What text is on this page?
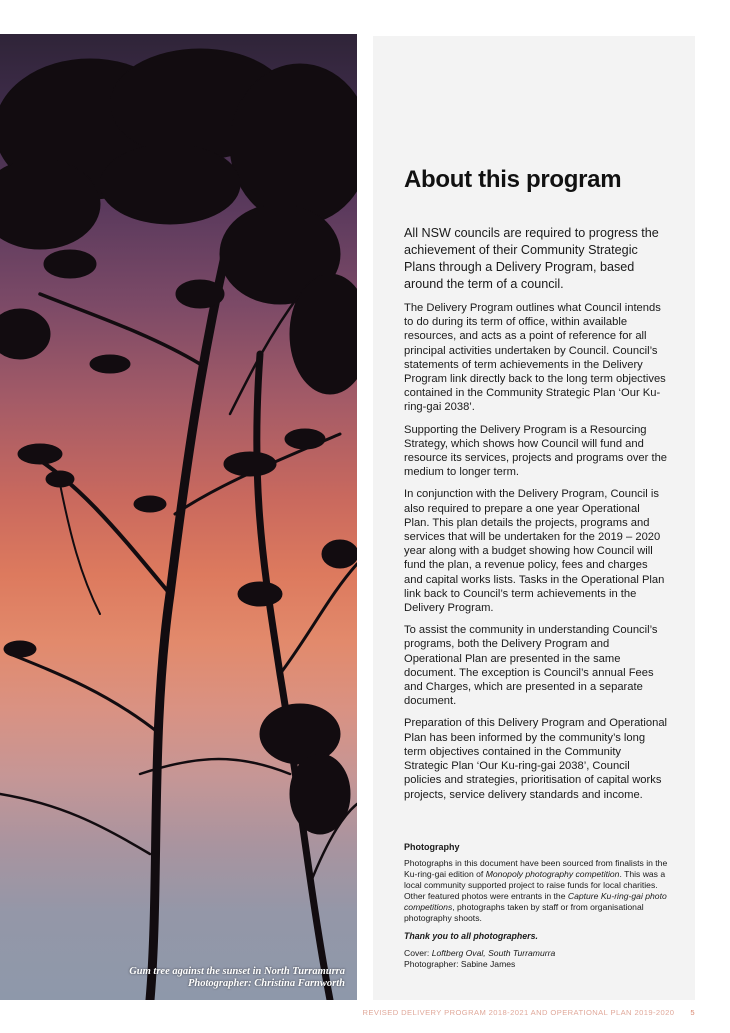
Gum tree against the sunset in North Turramurra
Photographer: Christina Farnworth
About this program

All NSW councils are required to progress the achievement of their Community Strategic Plans through a Delivery Program, based around the term of a council.

The Delivery Program outlines what Council intends to do during its term of office, within available resources, and acts as a point of reference for all principal activities undertaken by Council. Council’s statements of term achievements in the Delivery Program link directly back to the long term objectives contained in the Community Strategic Plan ‘Our Ku-ring-gai 2038’.

Supporting the Delivery Program is a Resourcing Strategy, which shows how Council will fund and resource its services, projects and programs over the medium to longer term.

In conjunction with the Delivery Program, Council is also required to prepare a one year Operational Plan. This plan details the projects, programs and services that will be undertaken for the 2019 – 2020 year along with a budget showing how Council will fund the plan, a revenue policy, fees and charges and capital works lists. Tasks in the Operational Plan link back to Council’s term achievements in the Delivery Program.

To assist the community in understanding Council’s programs, both the Delivery Program and Operational Plan are presented in the same document. The exception is Council’s annual Fees and Charges, which are presented in a separate document.

Preparation of this Delivery Program and Operational Plan has been informed by the community’s long term objectives contained in the Community Strategic Plan ‘Our Ku-ring-gai 2038’, Council policies and strategies, prioritisation of capital works projects, service delivery standards and income.

Photography

Photographs in this document have been sourced from finalists in the Ku-ring-gai edition of Monopoly photography competition. This was a local community supported project to raise funds for local charities. Other featured photos were entrants in the Capture Ku-ring-gai photo competitions, photographs taken by staff or from organisational photography shoots.

Thank you to all photographers.

Cover: Loftberg Oval, South Turramurra

Photographer: Sabine James

REVISED DELIVERY PROGRAM 2018-2021 AND OPERATIONAL PLAN 2019-2020 5
